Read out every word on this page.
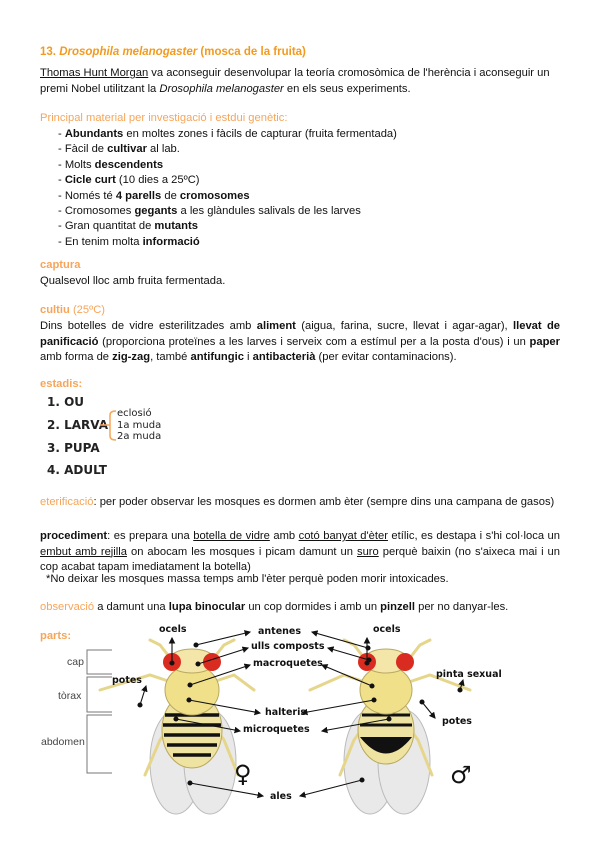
13. Drosophila melanogaster (mosca de la fruita)
Thomas Hunt Morgan va aconseguir desenvolupar la teoría cromosòmica de l'herència i aconseguir un
premi Nobel utilitzant la Drosophila melanogaster en els seus experiments.
Principal material per investigació i estdui genètic:
- Abundants en moltes zones i fàcils de capturar (fruita fermentada)
- Fàcil de cultivar al lab.
- Molts descendents
- Cicle curt (10 dies a 25ºC)
- Només té 4 parells de cromosomes
- Cromosomes gegants a les glàndules salivals de les larves
- Gran quantitat de mutants
- En tenim molta informació
captura
Qualsevol lloc amb fruita fermentada.
cultiu (25ºC)
Dins botelles de vidre esterilitzades amb aliment (aigua, farina, sucre, llevat i agar-agar), llevat de panificació (proporciona proteïnes a les larves i serveix com a estímul per a la posta d'ous) i un paper amb forma de zig-zag, també antifungic i antibacterià (per evitar contaminacions).
estadis:
1. OU
2. LARVA
3. PUPA
4. ADULT
eclosió
1a muda
2a muda
eterificació: per poder observar les mosques es dormen amb èter (sempre dins una campana de gasos)
procediment: es prepara una botella de vidre amb cotó banyat d'èter etílic, es destapa i s'hi col·loca un embut amb rejilla on abocam les mosques i picam damunt un suro perquè baixin (no s'aixeca mai i un cop acabat tapam imediatament la botella)
*No deixar les mosques massa temps amb l'èter perquè poden morir intoxicades.
observació a damunt una lupa binocular un cop dormides i amb un pinzell per no danyar-les.
parts:
cap
tòrax
abdomen
ocels	ocels
antenes
ulls composts
macroquetes
halteris
microquetes
potes
potes
pinta sexual
ales
♀	♂
